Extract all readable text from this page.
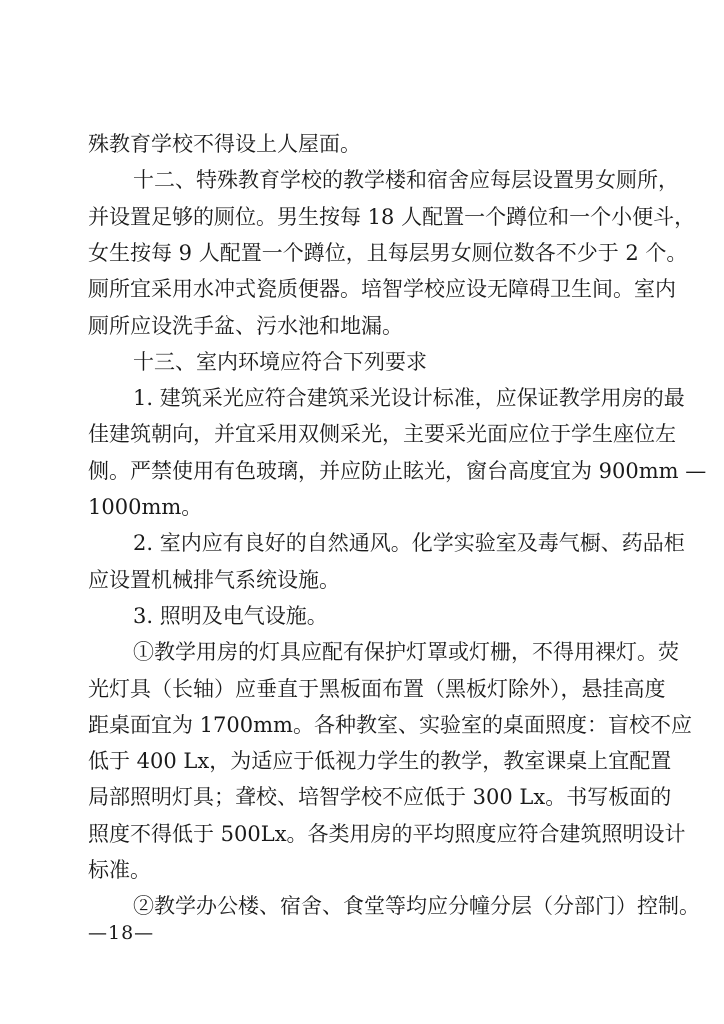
殊教育学校不得设上人屋面。
十二、特殊教育学校的教学楼和宿舍应每层设置男女厕所，
并设置足够的厕位。男生按每 18 人配置一个蹲位和一个小便斗，
女生按每 9 人配置一个蹲位，且每层男女厕位数各不少于 2 个。
厕所宜采用水冲式瓷质便器。培智学校应设无障碍卫生间。室内
厕所应设洗手盆、污水池和地漏。
十三、室内环境应符合下列要求
1. 建筑采光应符合建筑采光设计标准，应保证教学用房的最
佳建筑朝向，并宜采用双侧采光，主要采光面应位于学生座位左
侧。严禁使用有色玻璃，并应防止眩光，窗台高度宜为 900mm —
1000mm。
2. 室内应有良好的自然通风。化学实验室及毒气橱、药品柜
应设置机械排气系统设施。
3. 照明及电气设施。
①教学用房的灯具应配有保护灯罩或灯栅，不得用裸灯。荧
光灯具（长轴）应垂直于黑板面布置（黑板灯除外），悬挂高度
距桌面宜为 1700mm。各种教室、实验室的桌面照度：盲校不应
低于 400 Lx，为适应于低视力学生的教学，教室课桌上宜配置
局部照明灯具；聋校、培智学校不应低于 300 Lx。书写板面的
照度不得低于 500Lx。各类用房的平均照度应符合建筑照明设计
标准。
②教学办公楼、宿舍、食堂等均应分幢分层（分部门）控制。
—18—
